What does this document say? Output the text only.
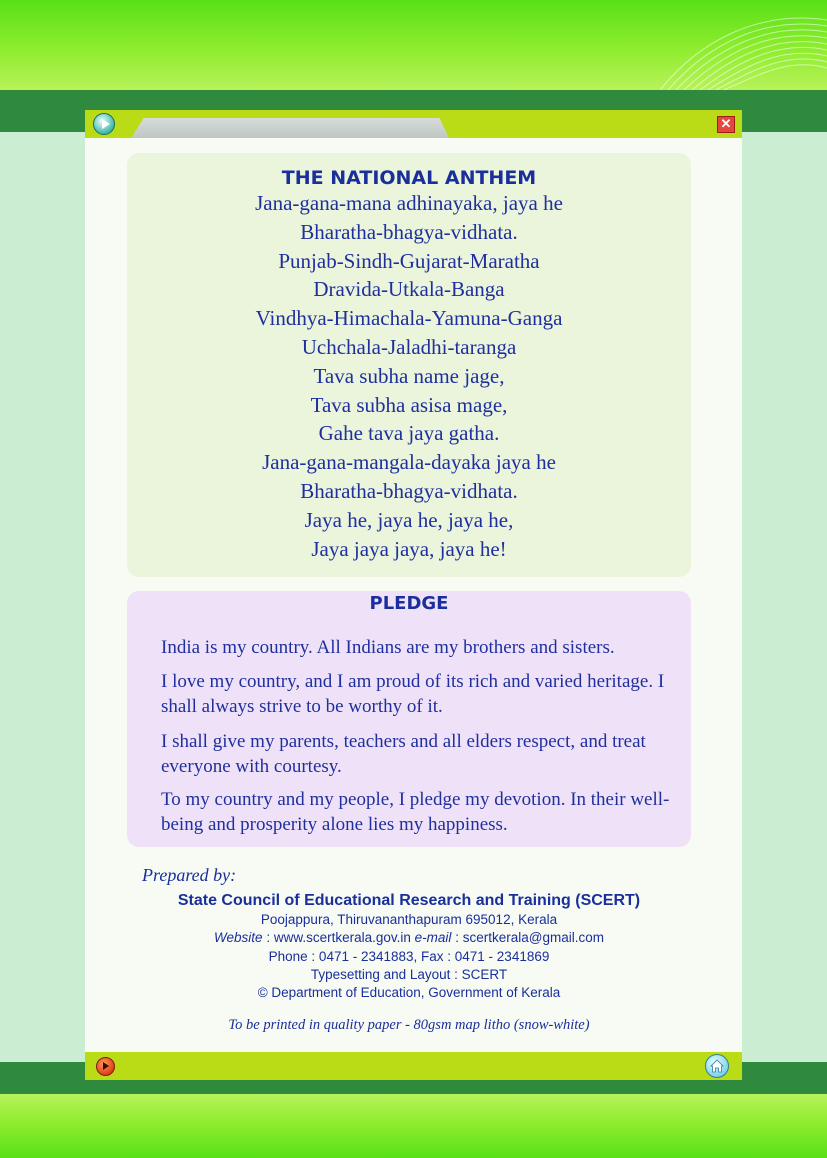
✕
THE NATIONAL ANTHEM
Jana-gana-mana adhinayaka, jaya he
Bharatha-bhagya-vidhata.
Punjab-Sindh-Gujarat-Maratha
Dravida-Utkala-Banga
Vindhya-Himachala-Yamuna-Ganga
Uchchala-Jaladhi-taranga
Tava subha name jage,
Tava subha asisa mage,
Gahe tava jaya gatha.
Jana-gana-mangala-dayaka jaya he
Bharatha-bhagya-vidhata.
Jaya he, jaya he, jaya he,
Jaya jaya jaya, jaya he!
PLEDGE

India is my country. All Indians are my brothers and sisters.

I love my country, and I am proud of its rich and varied heritage. I shall always strive to be worthy of it.

I shall give my parents, teachers and all elders respect, and treat everyone with courtesy.

To my country and my people, I pledge my devotion. In their well-being and prosperity alone lies my happiness.

Prepared by:

State Council of Educational Research and Training (SCERT)

Poojappura, Thiruvananthapuram 695012, Kerala

Website : www.scertkerala.gov.in e-mail : scertkerala@gmail.com

Phone : 0471 - 2341883, Fax : 0471 - 2341869

Typesetting and Layout : SCERT

© Department of Education, Government of Kerala

To be printed in quality paper - 80gsm map litho (snow-white)
